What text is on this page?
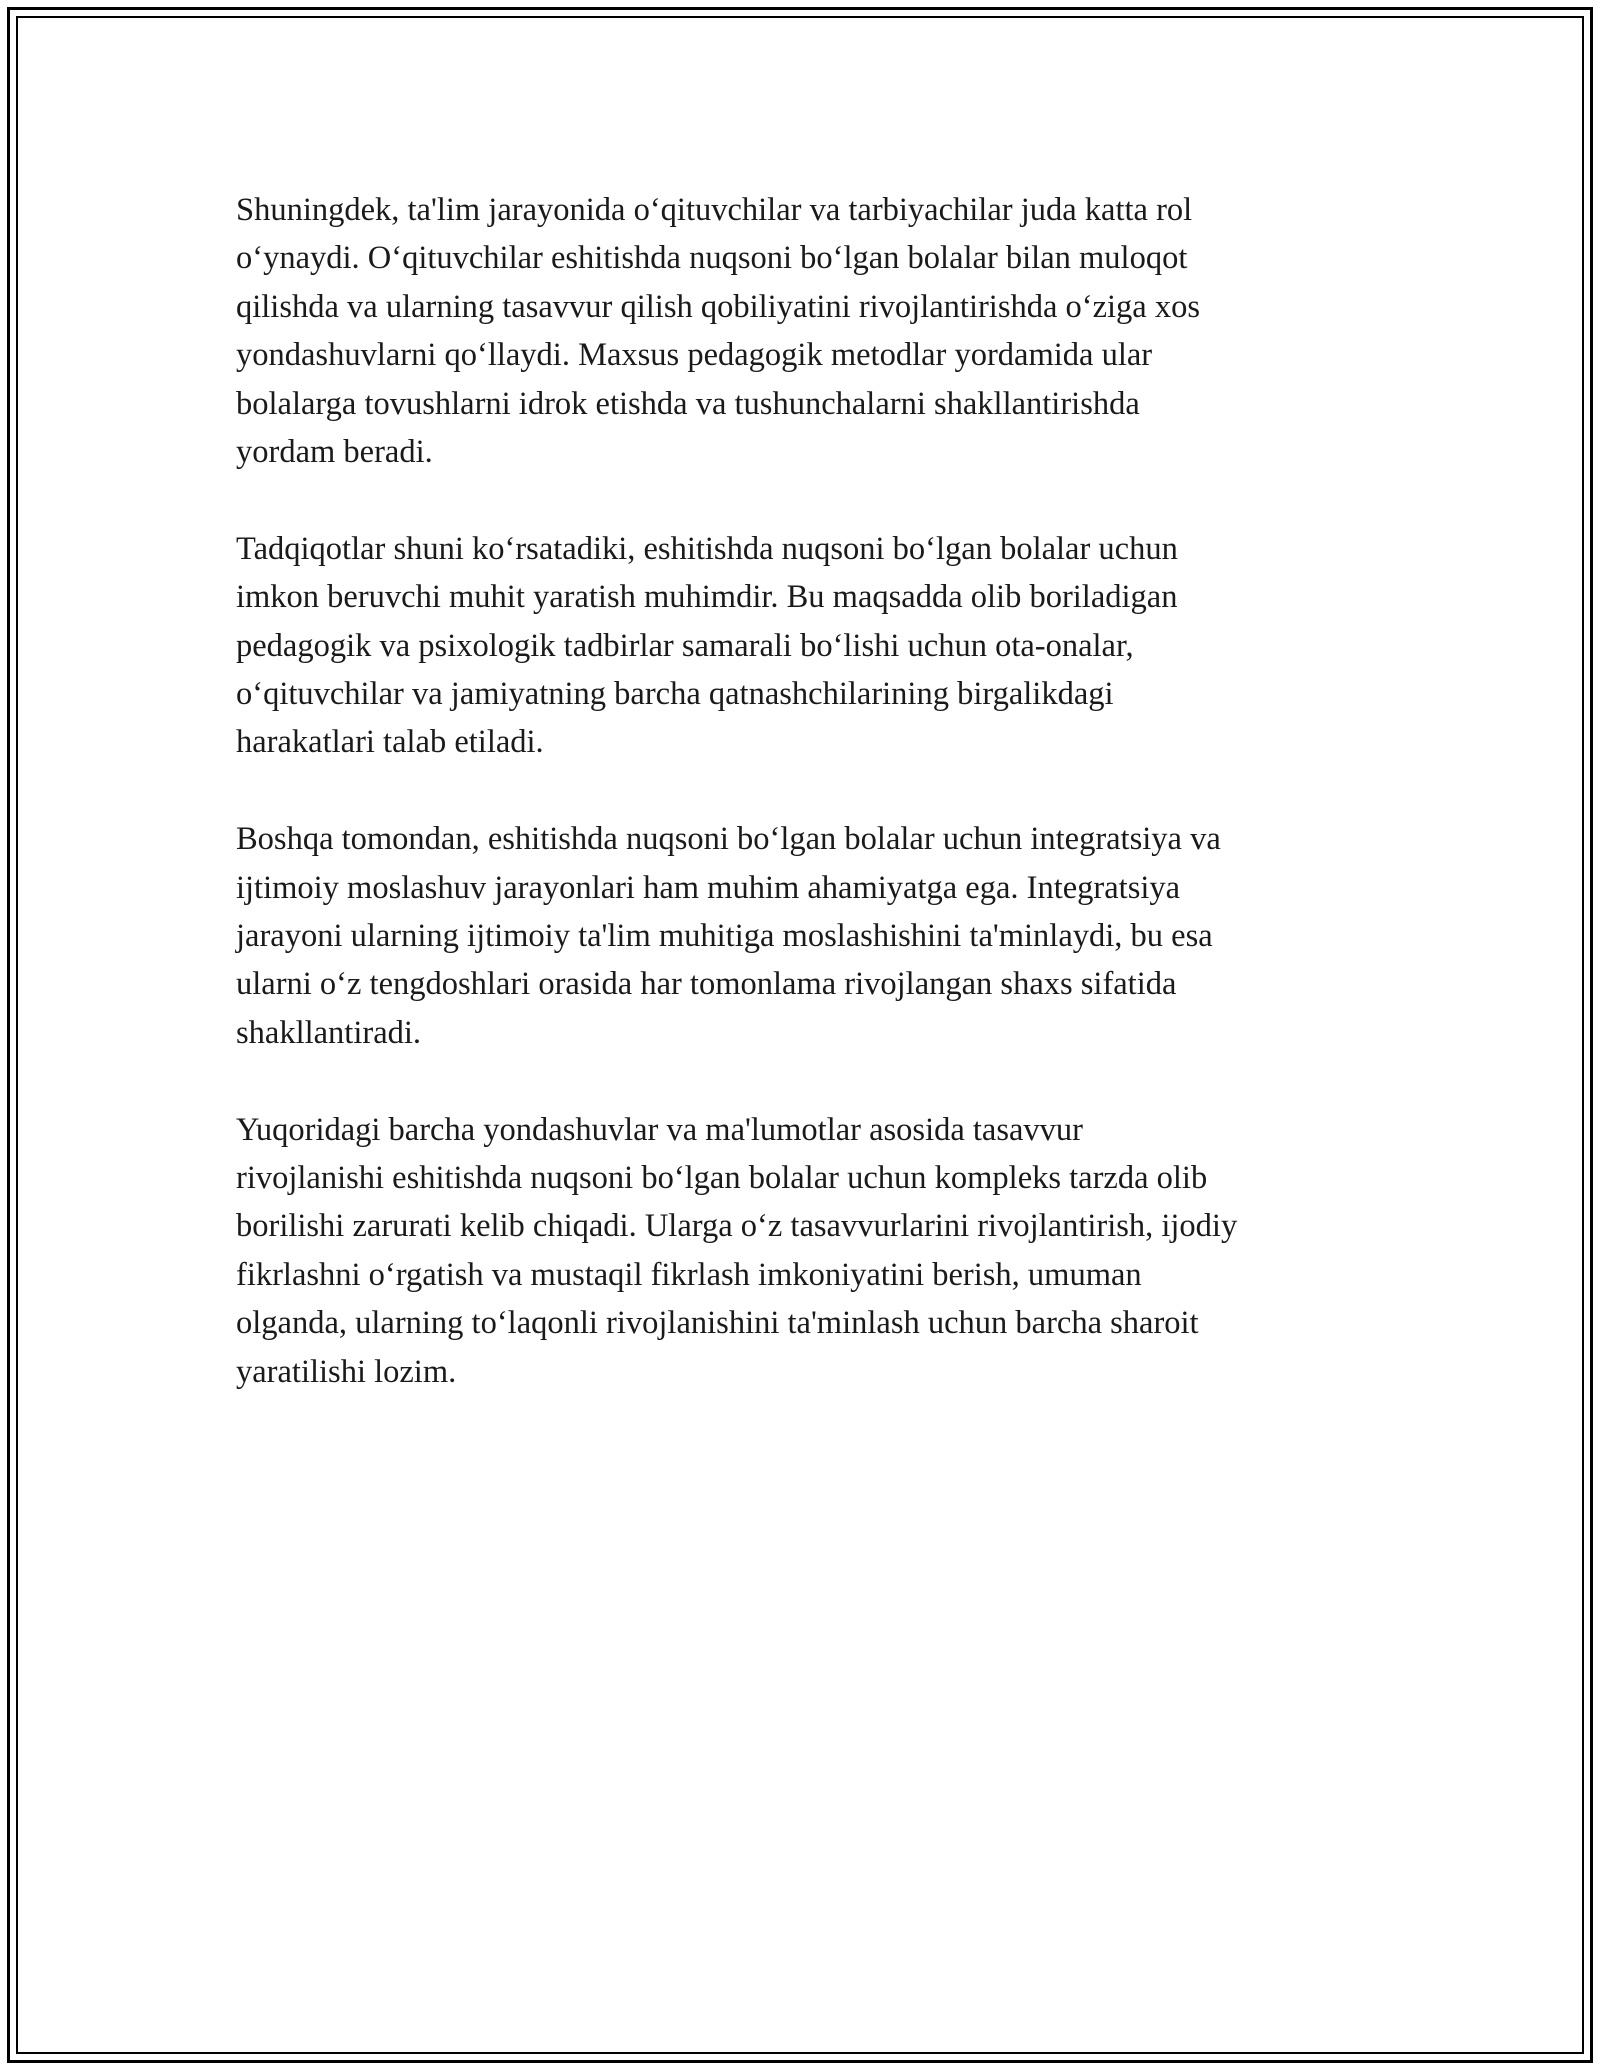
Shuningdek, ta'lim jarayonida o‘qituvchilar va tarbiyachilar juda katta rol
o‘ynaydi. O‘qituvchilar eshitishda nuqsoni bo‘lgan bolalar bilan muloqot
qilishda va ularning tasavvur qilish qobiliyatini rivojlantirishda o‘ziga xos
yondashuvlarni qo‘llaydi. Maxsus pedagogik metodlar yordamida ular
bolalarga tovushlarni idrok etishda va tushunchalarni shakllantirishda
yordam beradi.

Tadqiqotlar shuni ko‘rsatadiki, eshitishda nuqsoni bo‘lgan bolalar uchun
imkon beruvchi muhit yaratish muhimdir. Bu maqsadda olib boriladigan
pedagogik va psixologik tadbirlar samarali bo‘lishi uchun ota-onalar,
o‘qituvchilar va jamiyatning barcha qatnashchilarining birgalikdagi
harakatlari talab etiladi.

Boshqa tomondan, eshitishda nuqsoni bo‘lgan bolalar uchun integratsiya va
ijtimoiy moslashuv jarayonlari ham muhim ahamiyatga ega. Integratsiya
jarayoni ularning ijtimoiy ta'lim muhitiga moslashishini ta'minlaydi, bu esa
ularni o‘z tengdoshlari orasida har tomonlama rivojlangan shaxs sifatida
shakllantiradi.

Yuqoridagi barcha yondashuvlar va ma'lumotlar asosida tasavvur
rivojlanishi eshitishda nuqsoni bo‘lgan bolalar uchun kompleks tarzda olib
borilishi zarurati kelib chiqadi. Ularga o‘z tasavvurlarini rivojlantirish, ijodiy
fikrlashni o‘rgatish va mustaqil fikrlash imkoniyatini berish, umuman
olganda, ularning to‘laqonli rivojlanishini ta'minlash uchun barcha sharoit
yaratilishi lozim.
